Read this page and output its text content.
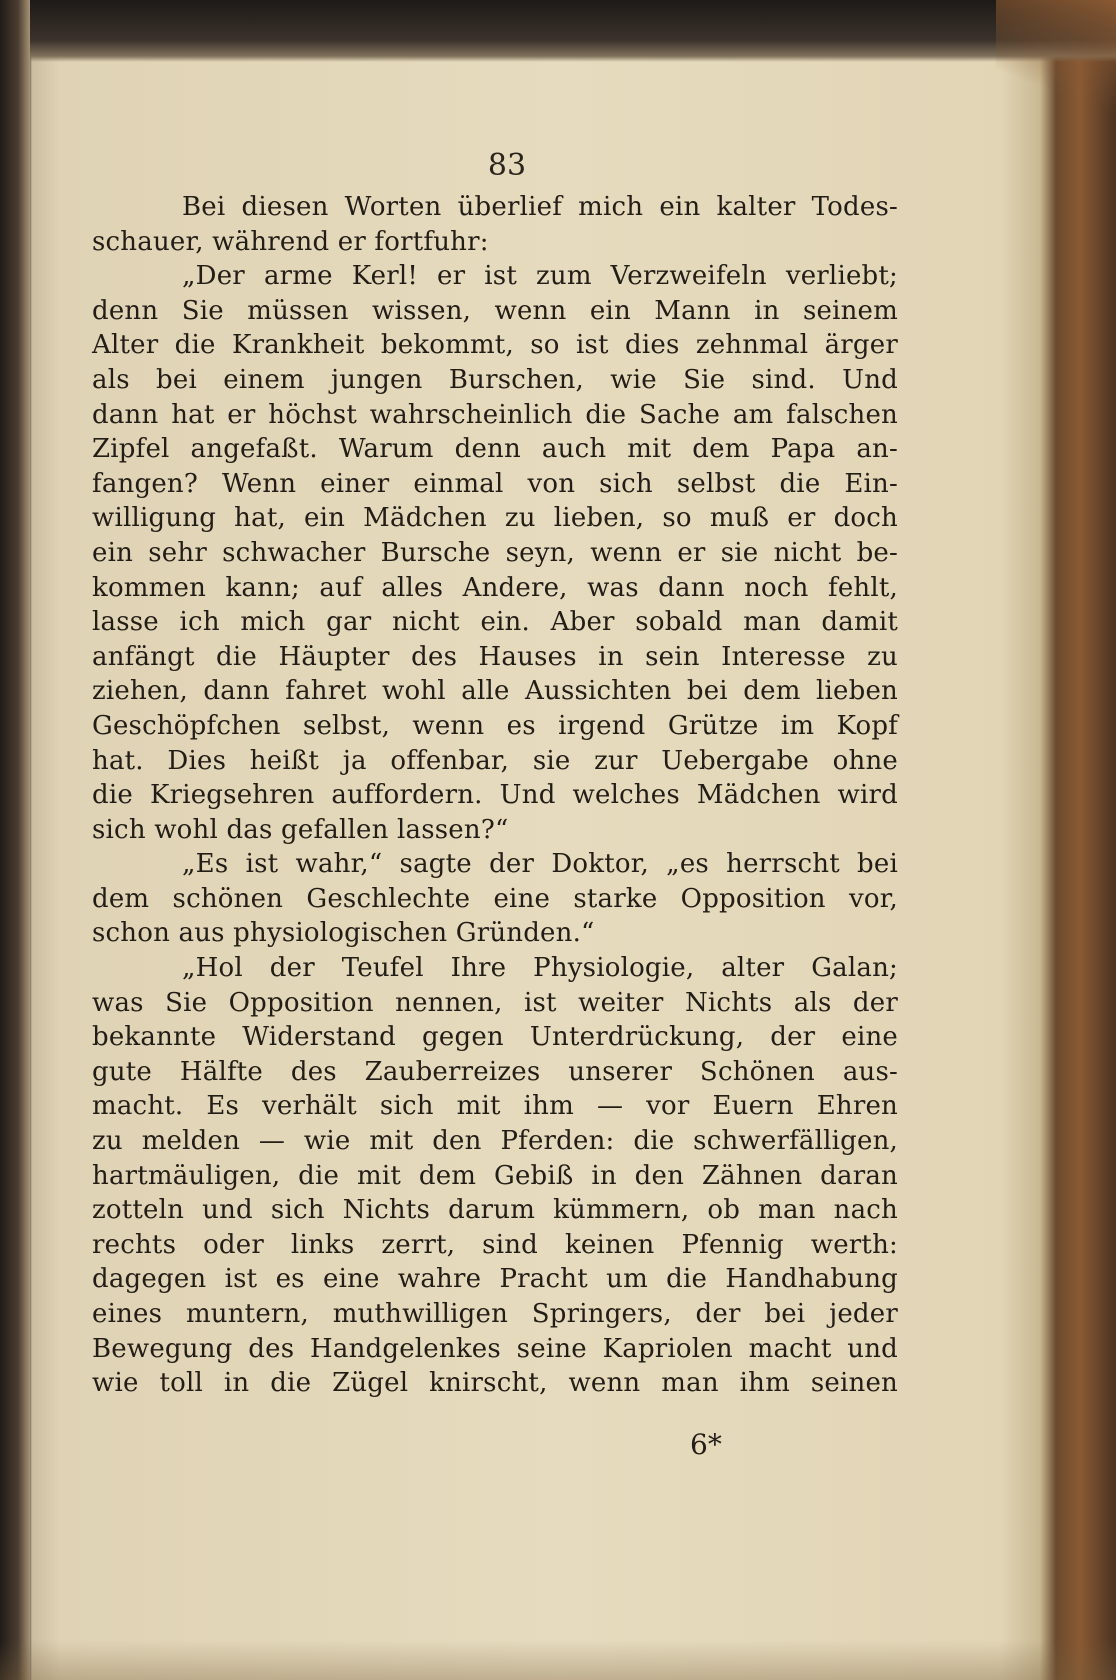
83
Bei diesen Worten überlief mich ein kalter Todes-
schauer, während er fortfuhr:
„Der arme Kerl! er ist zum Verzweifeln verliebt;
denn Sie müssen wissen, wenn ein Mann in seinem
Alter die Krankheit bekommt, so ist dies zehnmal ärger
als bei einem jungen Burschen, wie Sie sind. Und
dann hat er höchst wahrscheinlich die Sache am falschen
Zipfel angefaßt. Warum denn auch mit dem Papa an-
fangen? Wenn einer einmal von sich selbst die Ein-
willigung hat, ein Mädchen zu lieben, so muß er doch
ein sehr schwacher Bursche seyn, wenn er sie nicht be-
kommen kann; auf alles Andere, was dann noch fehlt,
lasse ich mich gar nicht ein. Aber sobald man damit
anfängt die Häupter des Hauses in sein Interesse zu
ziehen, dann fahret wohl alle Aussichten bei dem lieben
Geschöpfchen selbst, wenn es irgend Grütze im Kopf
hat. Dies heißt ja offenbar, sie zur Uebergabe ohne
die Kriegsehren auffordern. Und welches Mädchen wird
sich wohl das gefallen lassen?“
„Es ist wahr,“ sagte der Doktor, „es herrscht bei
dem schönen Geschlechte eine starke Opposition vor,
schon aus physiologischen Gründen.“
„Hol der Teufel Ihre Physiologie, alter Galan;
was Sie Opposition nennen, ist weiter Nichts als der
bekannte Widerstand gegen Unterdrückung, der eine
gute Hälfte des Zauberreizes unserer Schönen aus-
macht. Es verhält sich mit ihm — vor Euern Ehren
zu melden — wie mit den Pferden: die schwerfälligen,
hartmäuligen, die mit dem Gebiß in den Zähnen daran
zotteln und sich Nichts darum kümmern, ob man nach
rechts oder links zerrt, sind keinen Pfennig werth:
dagegen ist es eine wahre Pracht um die Handhabung
eines muntern, muthwilligen Springers, der bei jeder
Bewegung des Handgelenkes seine Kapriolen macht und
wie toll in die Zügel knirscht, wenn man ihm seinen
6*
